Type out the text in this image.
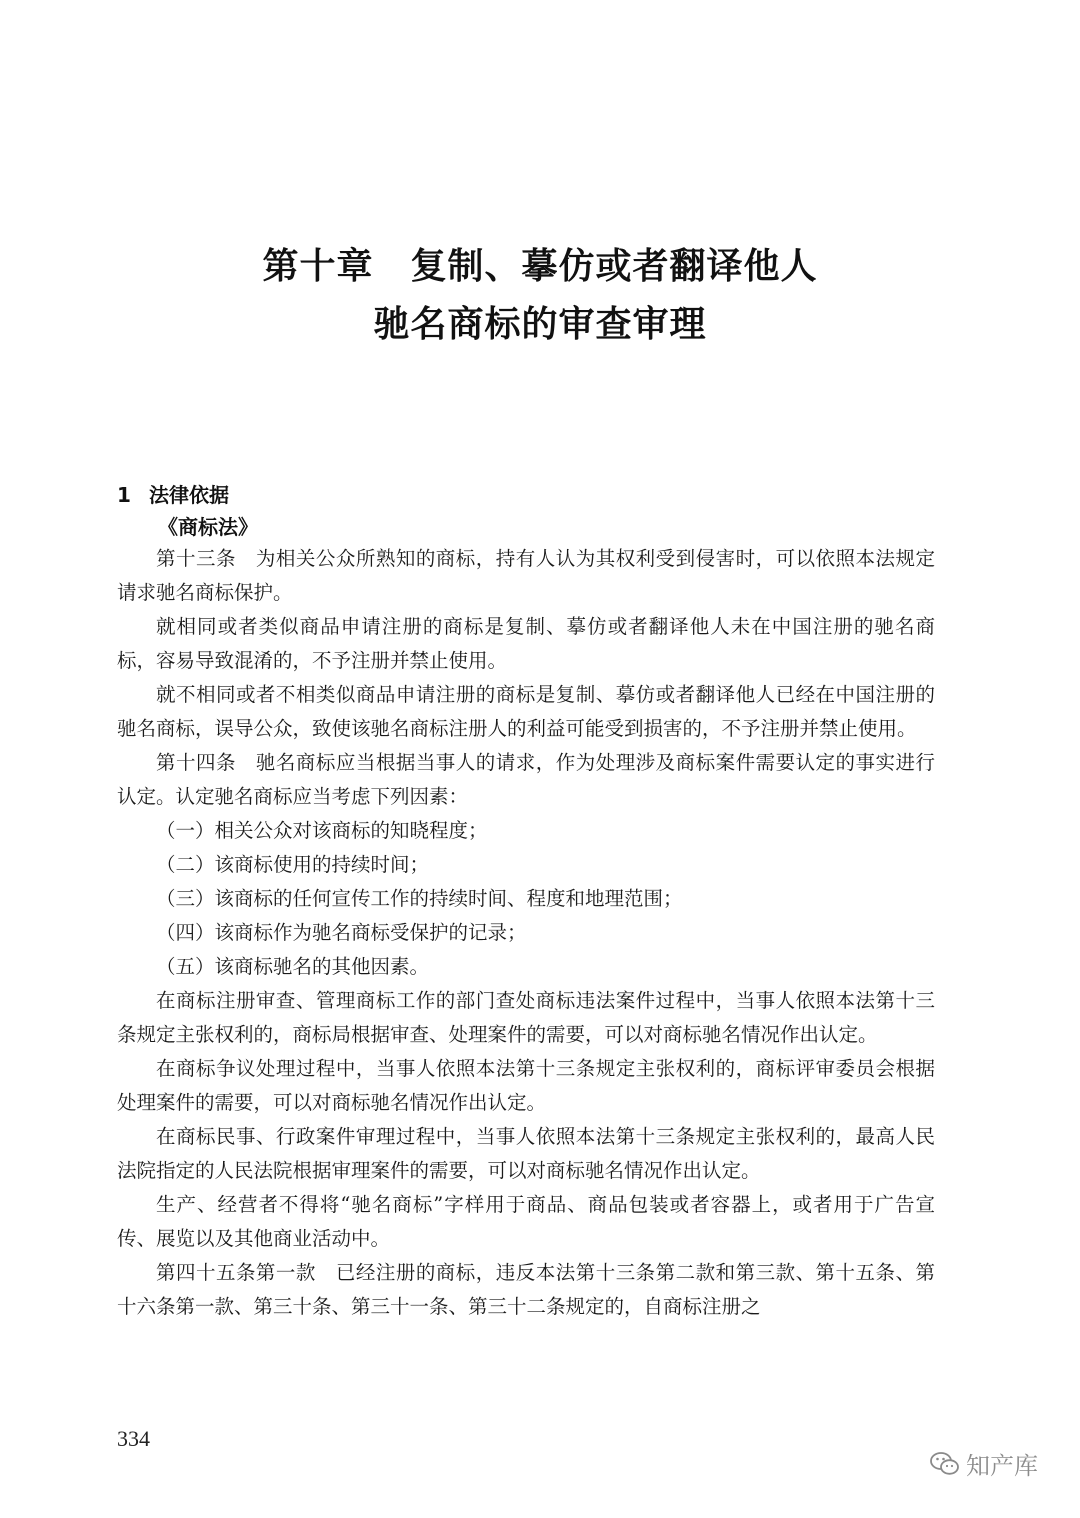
第十章　复制、摹仿或者翻译他人
驰名商标的审查审理
1 法律依据
《商标法》

第十三条　为相关公众所熟知的商标，持有人认为其权利受到侵害时，可以依照本法规定请求驰名商标保护。

就相同或者类似商品申请注册的商标是复制、摹仿或者翻译他人未在中国注册的驰名商标，容易导致混淆的，不予注册并禁止使用。

就不相同或者不相类似商品申请注册的商标是复制、摹仿或者翻译他人已经在中国注册的驰名商标，误导公众，致使该驰名商标注册人的利益可能受到损害的，不予注册并禁止使用。

第十四条　驰名商标应当根据当事人的请求，作为处理涉及商标案件需要认定的事实进行认定。认定驰名商标应当考虑下列因素：

（一）相关公众对该商标的知晓程度；

（二）该商标使用的持续时间；

（三）该商标的任何宣传工作的持续时间、程度和地理范围；

（四）该商标作为驰名商标受保护的记录；

（五）该商标驰名的其他因素。

在商标注册审查、管理商标工作的部门查处商标违法案件过程中，当事人依照本法第十三条规定主张权利的，商标局根据审查、处理案件的需要，可以对商标驰名情况作出认定。

在商标争议处理过程中，当事人依照本法第十三条规定主张权利的，商标评审委员会根据处理案件的需要，可以对商标驰名情况作出认定。

在商标民事、行政案件审理过程中，当事人依照本法第十三条规定主张权利的，最高人民法院指定的人民法院根据审理案件的需要，可以对商标驰名情况作出认定。

生产、经营者不得将“驰名商标”字样用于商品、商品包装或者容器上，或者用于广告宣传、展览以及其他商业活动中。

第四十五条第一款　已经注册的商标，违反本法第十三条第二款和第三款、第十五条、第十六条第一款、第三十条、第三十一条、第三十二条规定的，自商标注册之

334
知产库
